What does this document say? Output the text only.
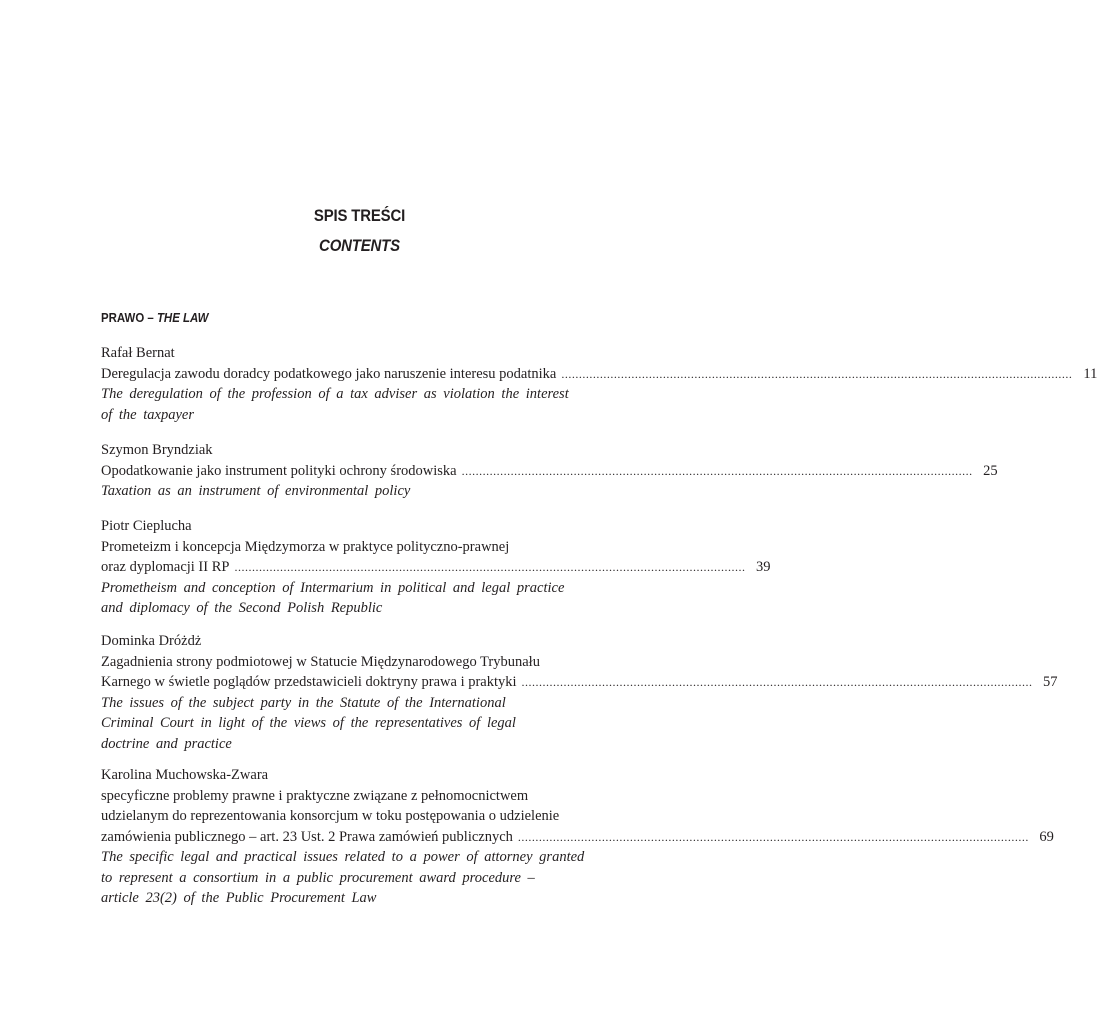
SPIS TREŚCI
CONTENTS
PRAWO – THE LAW
Rafał Bernat
Deregulacja zawodu doradcy podatkowego jako naruszenie interesu podatnika .................................................................................................................................................. 11
The deregulation of the profession of a tax adviser as violation the interest
of the taxpayer
Szymon Bryndziak
Opodatkowanie jako instrument polityki ochrony środowiska .................................................................................................................................................. 25
Taxation as an instrument of environmental policy
Piotr Cieplucha
Prometeizm i koncepcja Międzymorza w praktyce polityczno-prawnej
oraz dyplomacji II RP .................................................................................................................................................. 39
Prometheism and conception of Intermarium in political and legal practice
and diplomacy of the Second Polish Republic
Dominka Dróżdż
Zagadnienia strony podmiotowej w Statucie Międzynarodowego Trybunału
Karnego w świetle poglądów przedstawicieli doktryny prawa i praktyki .................................................................................................................................................. 57
The issues of the subject party in the Statute of the International
Criminal Court in light of the views of the representatives of legal
doctrine and practice
Karolina Muchowska-Zwara
specyficzne problemy prawne i praktyczne związane z pełnomocnictwem
udzielanym do reprezentowania konsorcjum w toku postępowania o udzielenie
zamówienia publicznego – art. 23 Ust. 2 Prawa zamówień publicznych .................................................................................................................................................. 69
The specific legal and practical issues related to a power of attorney granted
to represent a consortium in a public procurement award procedure –
article 23(2) of the Public Procurement Law
